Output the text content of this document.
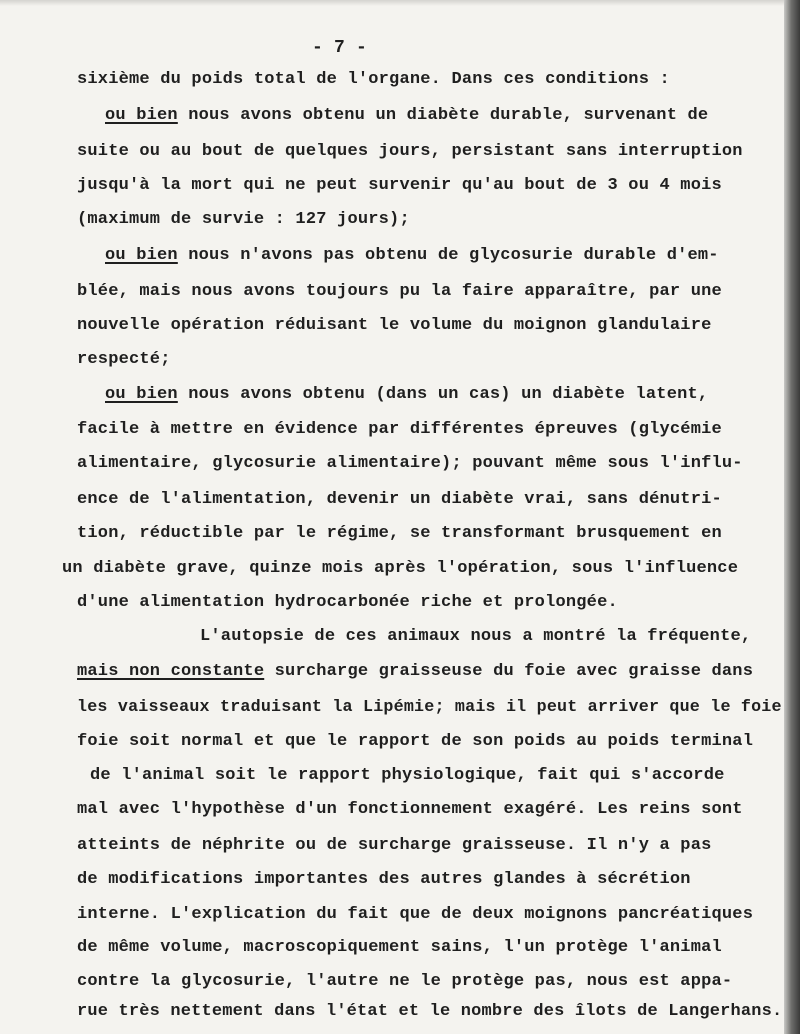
- 7 -
sixième du poids total de l'organe. Dans ces conditions :
ou bien nous avons obtenu un diabète durable, survenant de
suite ou au bout de quelques jours, persistant sans interruption
jusqu'à la mort qui ne peut survenir qu'au bout de 3 ou 4 mois
(maximum de survie : 127 jours);
ou bien nous n'avons pas obtenu de glycosurie durable d'em-
blée, mais nous avons toujours pu la faire apparaître, par une
nouvelle opération réduisant le volume du moignon glandulaire
respecté;
ou bien nous avons obtenu (dans un cas) un diabète latent,
facile à mettre en évidence par différentes épreuves (glycémie
alimentaire, glycosurie alimentaire); pouvant même sous l'influ-
ence de l'alimentation, devenir un diabète vrai, sans dénutri-
tion, réductible par le régime, se transformant brusquement en
un diabète grave, quinze mois après l'opération, sous l'influence
d'une alimentation hydrocarbonée riche et prolongée.
L'autopsie de ces animaux nous a montré la fréquente,
mais non constante surcharge graisseuse du foie avec graisse dans
les vaisseaux traduisant la Lipémie; mais il peut arriver que le foie
foie soit normal et que le rapport de son poids au poids terminal
de l'animal soit le rapport physiologique, fait qui s'accorde
mal avec l'hypothèse d'un fonctionnement exagéré. Les reins sont
atteints de néphrite ou de surcharge graisseuse. Il n'y a pas
de modifications importantes des autres glandes à sécrétion
interne. L'explication du fait que de deux moignons pancréatiques
de même volume, macroscopiquement sains, l'un protège l'animal
contre la glycosurie, l'autre ne le protège pas, nous est appa-
rue très nettement dans l'état et le nombre des îlots de Langerhans.
